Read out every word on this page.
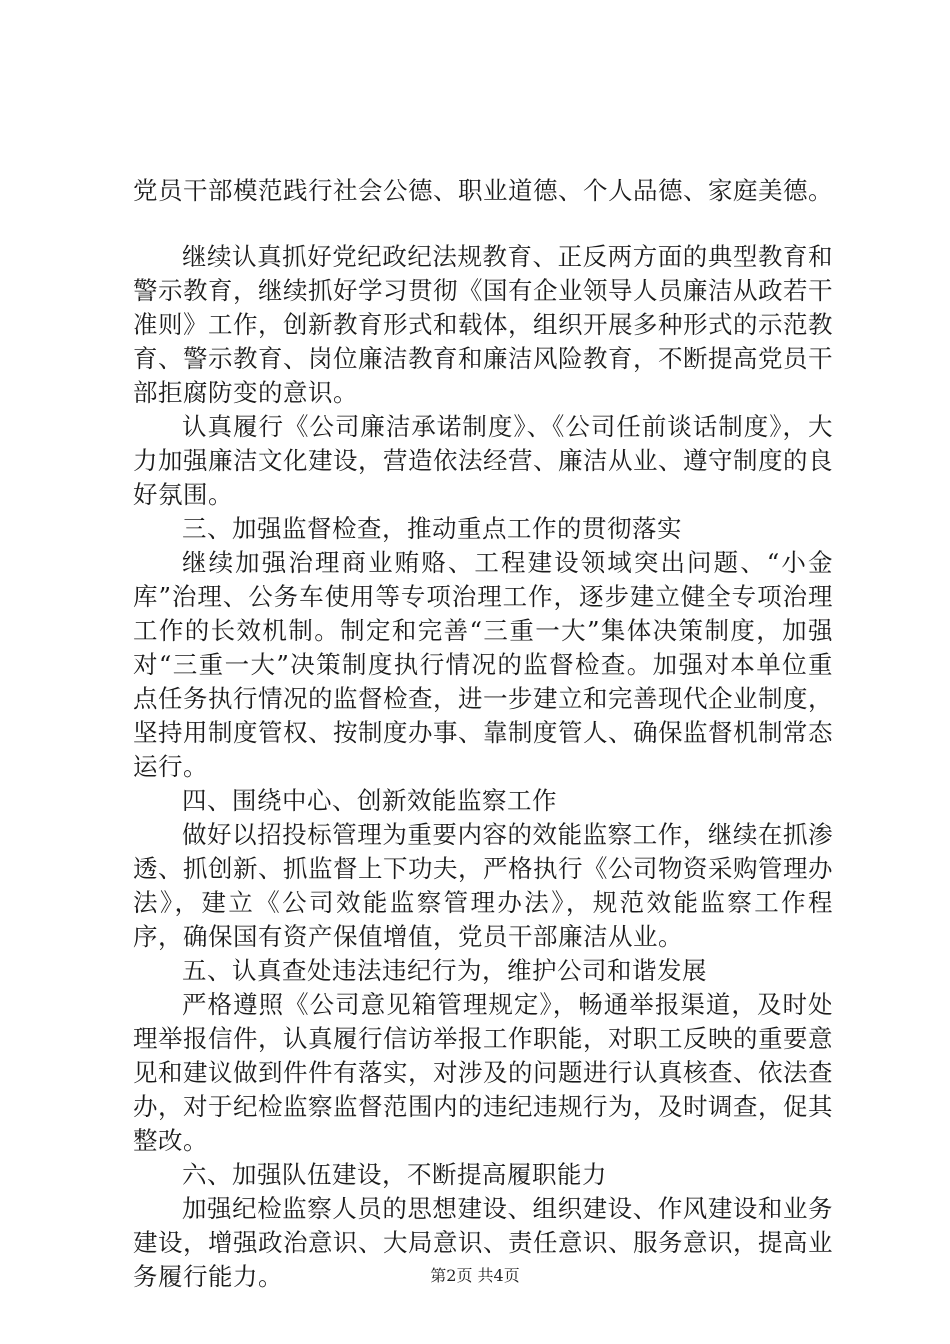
党员干部模范践行社会公德、职业道德、个人品德、家庭美德。

继续认真抓好党纪政纪法规教育、正反两方面的典型教育和警示教育，继续抓好学习贯彻《国有企业领导人员廉洁从政若干准则》工作，创新教育形式和载体，组织开展多种形式的示范教育、警示教育、岗位廉洁教育和廉洁风险教育，不断提高党员干部拒腐防变的意识。

认真履行《公司廉洁承诺制度》、《公司任前谈话制度》，大力加强廉洁文化建设，营造依法经营、廉洁从业、遵守制度的良好氛围。

三、加强监督检查，推动重点工作的贯彻落实

继续加强治理商业贿赂、工程建设领域突出问题、“小金库”治理、公务车使用等专项治理工作，逐步建立健全专项治理工作的长效机制。制定和完善“三重一大”集体决策制度，加强对“三重一大”决策制度执行情况的监督检查。加强对本单位重点任务执行情况的监督检查，进一步建立和完善现代企业制度，坚持用制度管权、按制度办事、靠制度管人、确保监督机制常态运行。

四、围绕中心、创新效能监察工作

做好以招投标管理为重要内容的效能监察工作，继续在抓渗透、抓创新、抓监督上下功夫，严格执行《公司物资采购管理办法》，建立《公司效能监察管理办法》，规范效能监察工作程序，确保国有资产保值增值，党员干部廉洁从业。

五、认真查处违法违纪行为，维护公司和谐发展

严格遵照《公司意见箱管理规定》，畅通举报渠道，及时处理举报信件，认真履行信访举报工作职能，对职工反映的重要意见和建议做到件件有落实，对涉及的问题进行认真核查、依法查办，对于纪检监察监督范围内的违纪违规行为，及时调查，促其整改。

六、加强队伍建设，不断提高履职能力

加强纪检监察人员的思想建设、组织建设、作风建设和业务建设，增强政治意识、大局意识、责任意识、服务意识，提高业务履行能力。	第2页 共4页
